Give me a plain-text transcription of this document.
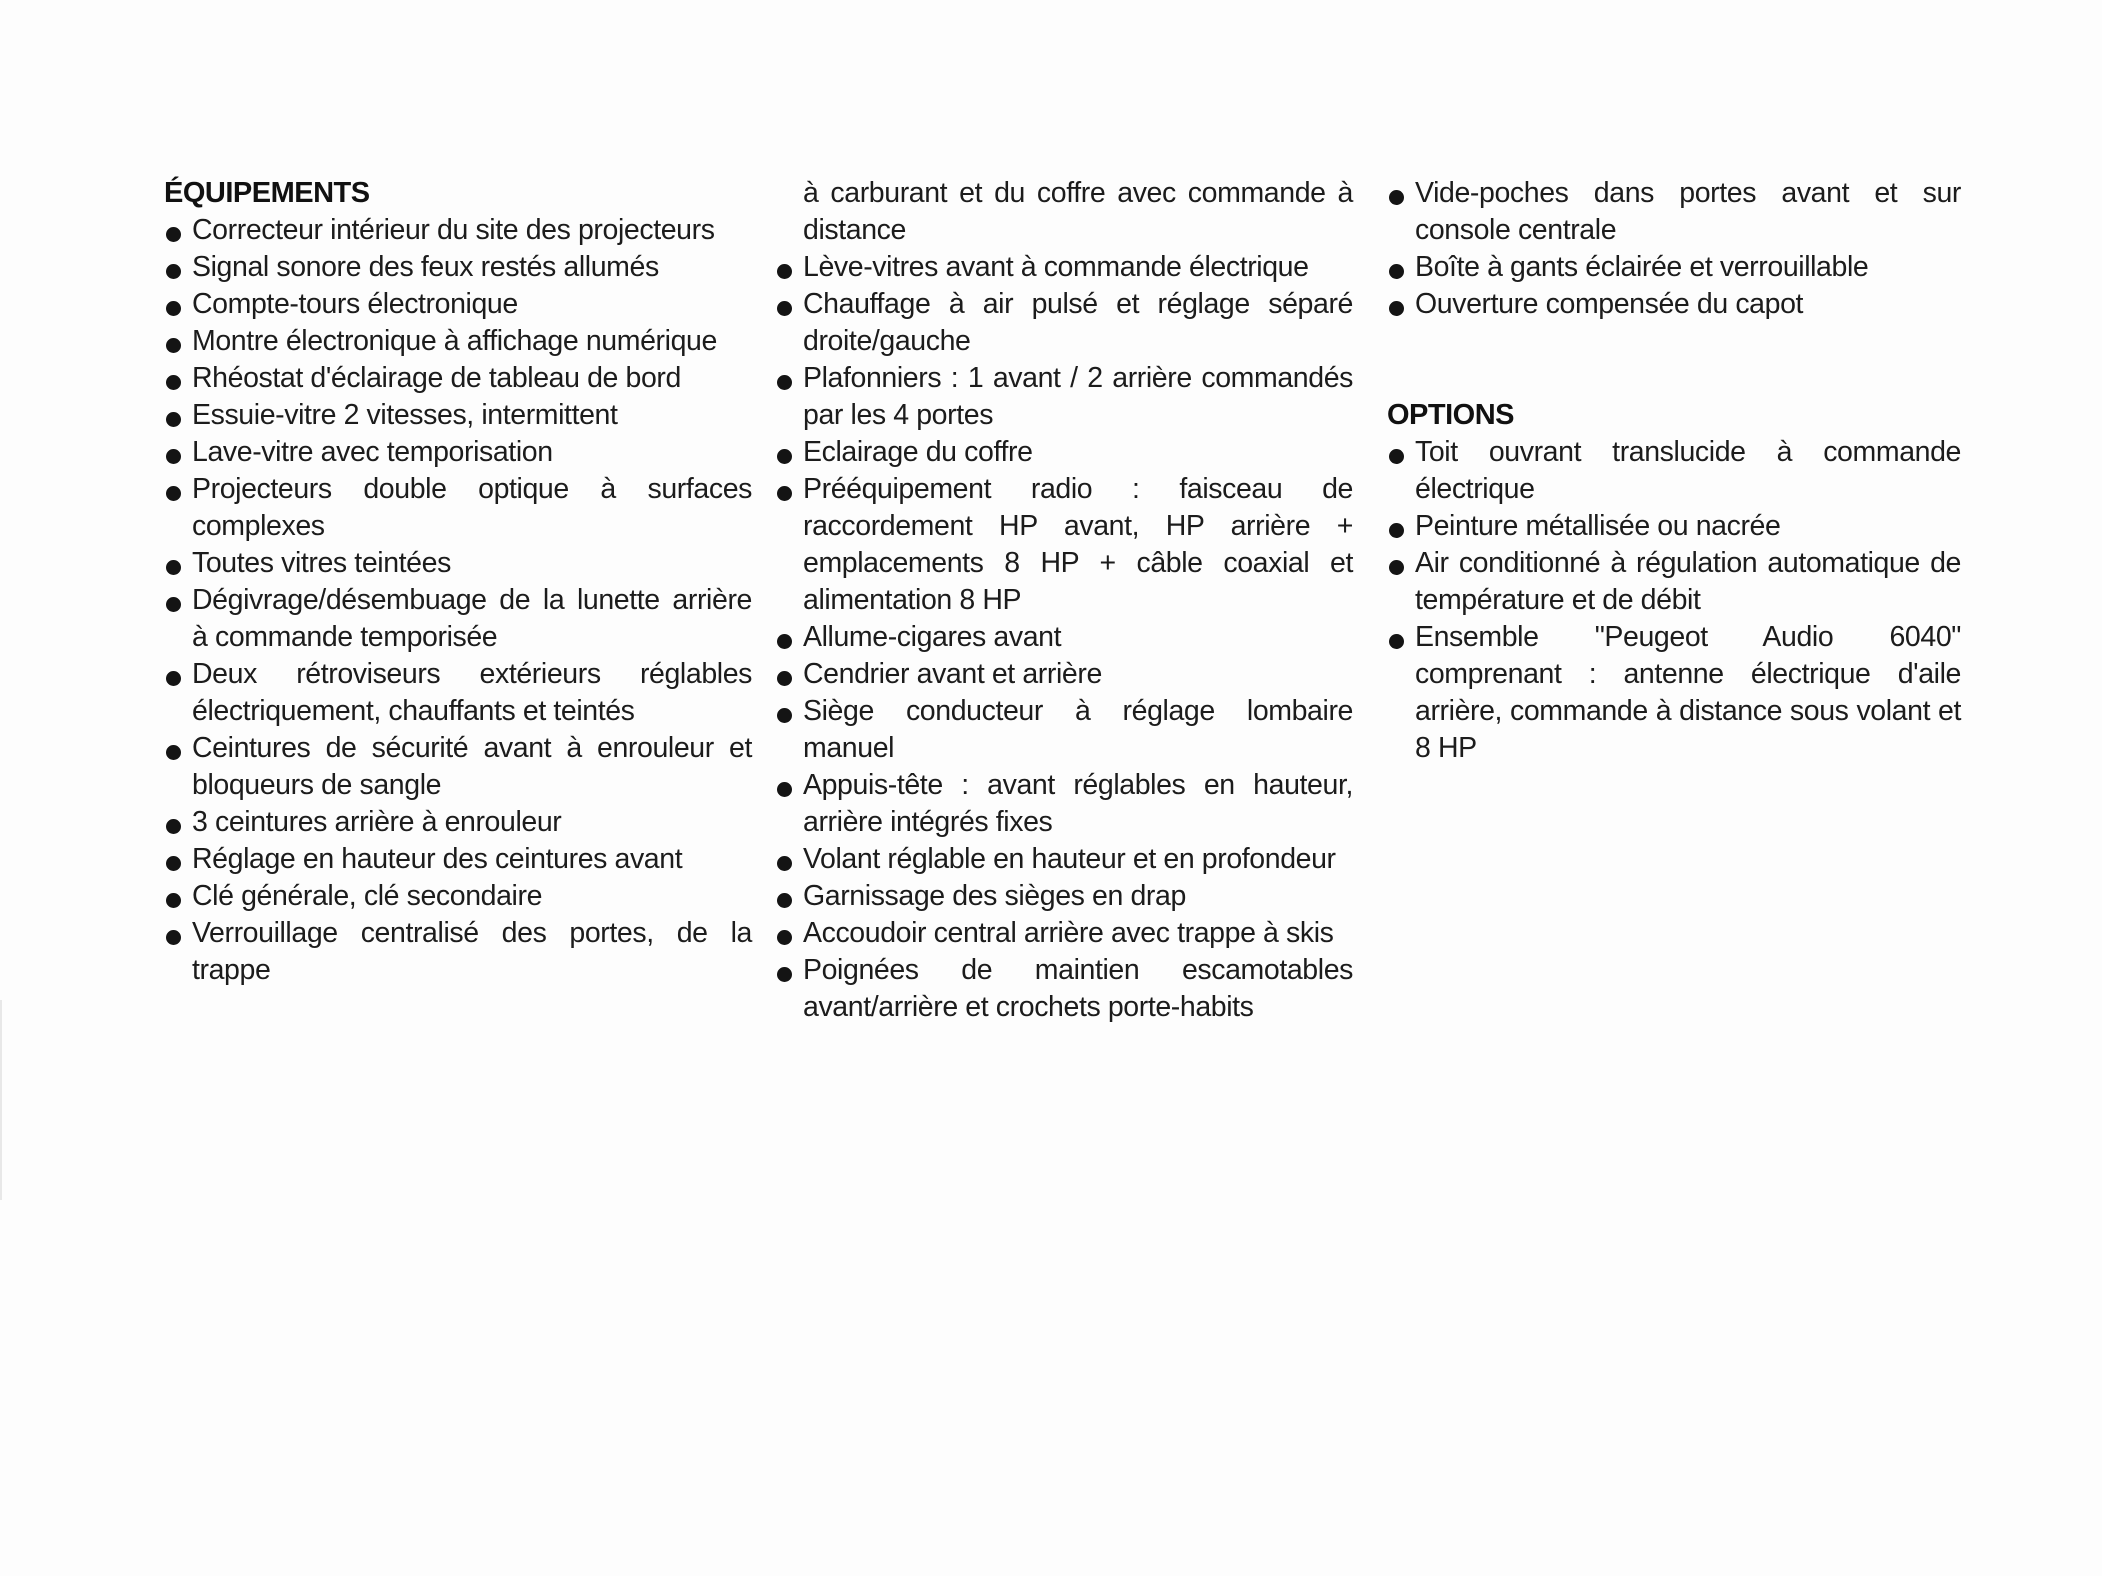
ÉQUIPEMENTS
Correcteur intérieur du site des projecteurs
Signal sonore des feux restés allumés
Compte-tours électronique
Montre électronique à affichage numérique
Rhéostat d'éclairage de tableau de bord
Essuie-vitre 2 vitesses, intermittent
Lave-vitre avec temporisation
Projecteurs double optique à surfaces complexes
Toutes vitres teintées
Dégivrage/désembuage de la lunette arrière à commande temporisée
Deux rétroviseurs extérieurs réglables électriquement, chauffants et teintés
Ceintures de sécurité avant à enrouleur et bloqueurs de sangle
3 ceintures arrière à enrouleur
Réglage en hauteur des ceintures avant
Clé générale, clé secondaire
Verrouillage centralisé des portes, de la trappe
à carburant et du coffre avec commande à distance
Lève-vitres avant à commande électrique
Chauffage à air pulsé et réglage séparé droite/gauche
Plafonniers : 1 avant / 2 arrière commandés par les 4 portes
Eclairage du coffre
Prééquipement radio : faisceau de raccordement HP avant, HP arrière + emplacements 8 HP + câble coaxial et alimentation 8 HP
Allume-cigares avant
Cendrier avant et arrière
Siège conducteur à réglage lombaire manuel
Appuis-tête : avant réglables en hauteur, arrière intégrés fixes
Volant réglable en hauteur et en profondeur
Garnissage des sièges en drap
Accoudoir central arrière avec trappe à skis
Poignées de maintien escamotables avant/arrière et crochets porte-habits
Vide-poches dans portes avant et sur console centrale
Boîte à gants éclairée et verrouillable
Ouverture compensée du capot
OPTIONS
Toit ouvrant translucide à commande électrique
Peinture métallisée ou nacrée
Air conditionné à régulation automatique de température et de débit
Ensemble "Peugeot Audio 6040" comprenant : antenne électrique d'aile arrière, commande à distance sous volant et 8 HP
